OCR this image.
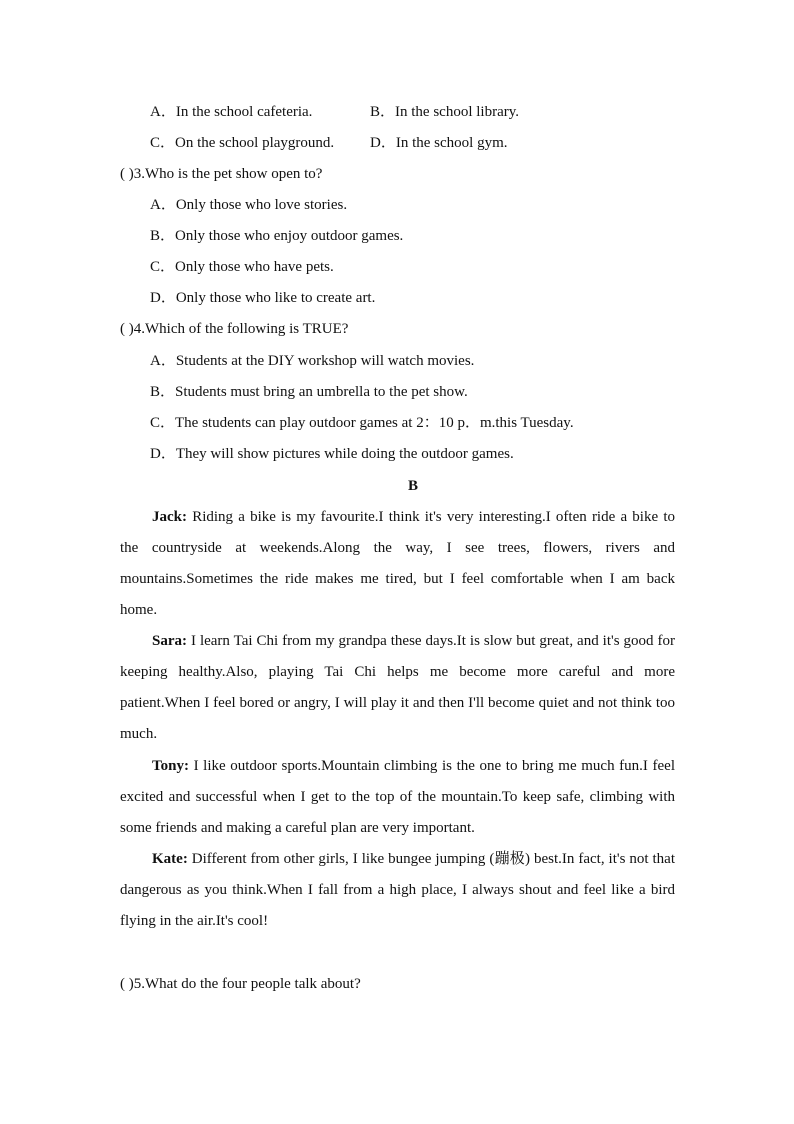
A．In the school cafeteria.	B．In the school library.
C．On the school playground. D．In the school gym.
( )3.Who is the pet show open to?
A．Only those who love stories.
B．Only those who enjoy outdoor games.
C．Only those who have pets.
D．Only those who like to create art.
( )4.Which of the following is TRUE?
A．Students at the DIY workshop will watch movies.
B．Students must bring an umbrella to the pet show.
C．The students can play outdoor games at 2：10 p．m.this Tuesday.
D．They will show pictures while doing the outdoor games.
B

Jack: Riding a bike is my favourite.I think it's very interesting.I often ride a bike to the countryside at weekends.Along the way, I see trees, flowers, rivers and mountains.Sometimes the ride makes me tired, but I feel comfortable when I am back home.

Sara: I learn Tai Chi from my grandpa these days.It is slow but great, and it's good for keeping healthy.Also, playing Tai Chi helps me become more careful and more patient.When I feel bored or angry, I will play it and then I'll become quiet and not think too much.

Tony: I like outdoor sports.Mountain climbing is the one to bring me much fun.I feel excited and successful when I get to the top of the mountain.To keep safe, climbing with some friends and making a careful plan are very important.

Kate: Different from other girls, I like bungee jumping (蹦极) best.In fact, it's not that dangerous as you think.When I fall from a high place, I always shout and feel like a bird flying in the air.It's cool!

( )5.What do the four people talk about?
